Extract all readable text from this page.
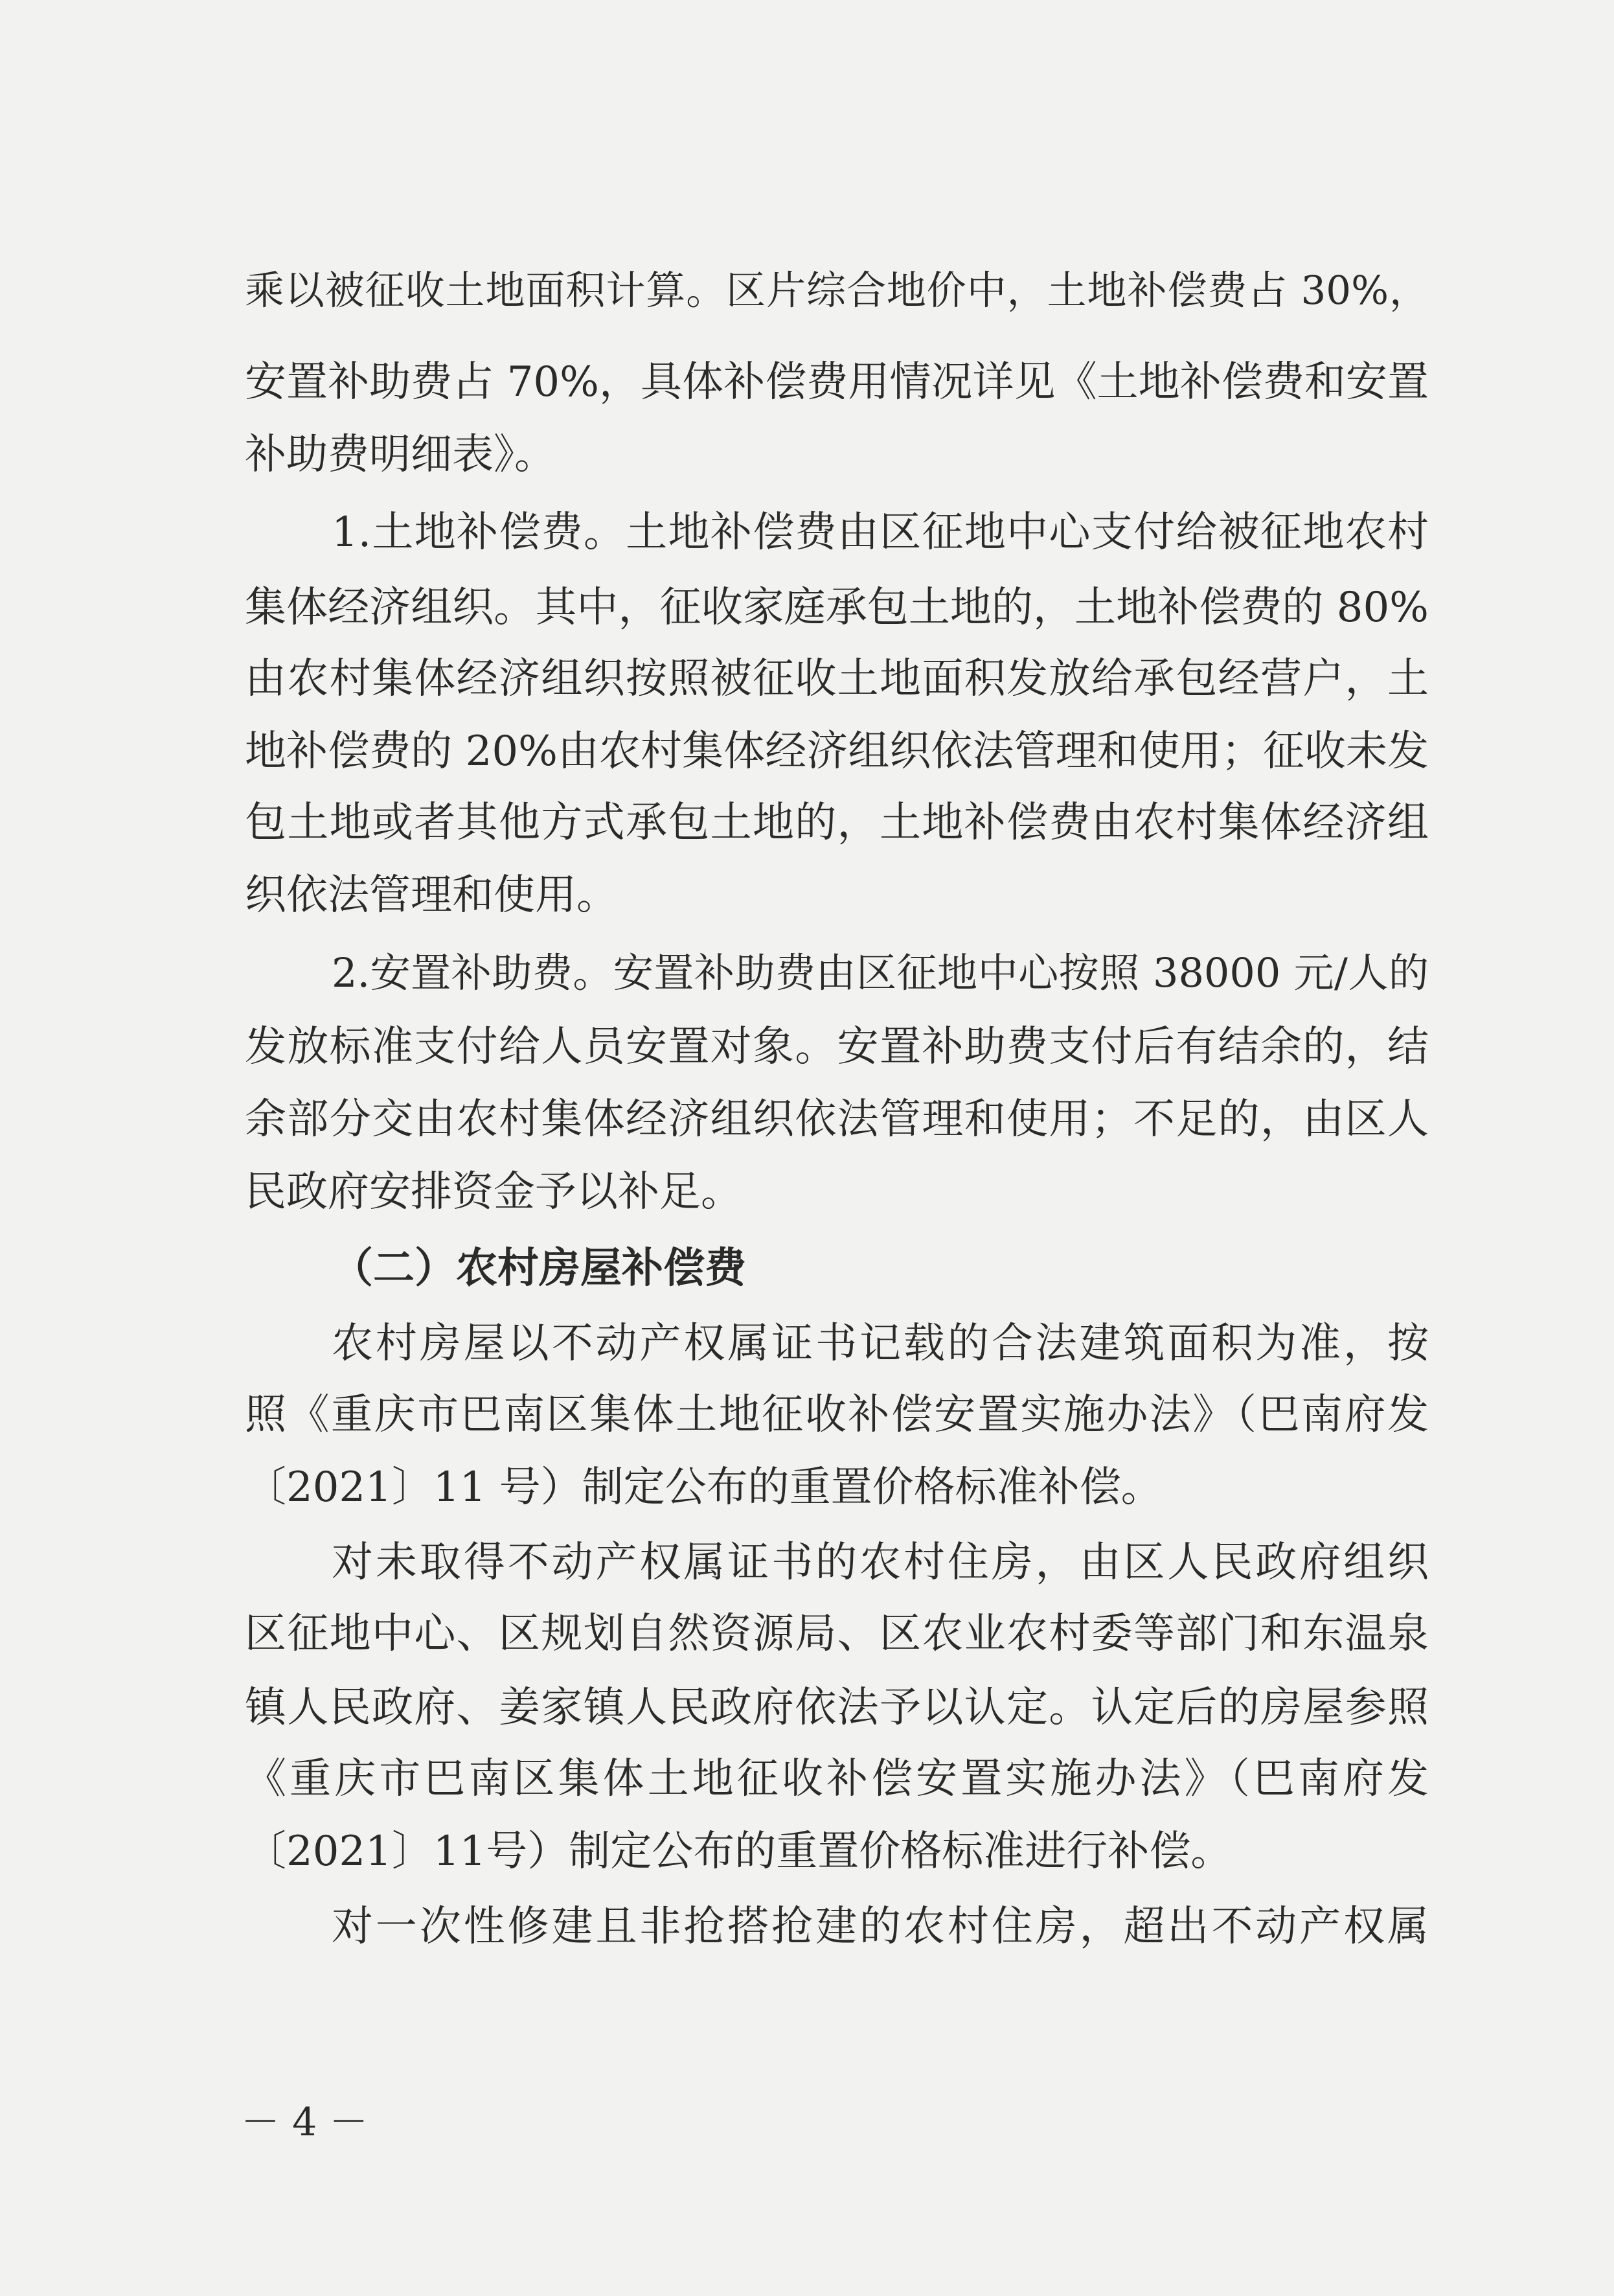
乘以被征收土地面积计算。区片综合地价中，土地补偿费占 30%，
安置补助费占 70%，具体补偿费用情况详见《土地补偿费和安置
补助费明细表》。
1.土地补偿费。土地补偿费由区征地中心支付给被征地农村
集体经济组织。其中，征收家庭承包土地的，土地补偿费的 80%
由农村集体经济组织按照被征收土地面积发放给承包经营户，土
地补偿费的 20%由农村集体经济组织依法管理和使用；征收未发
包土地或者其他方式承包土地的，土地补偿费由农村集体经济组
织依法管理和使用。
2.安置补助费。安置补助费由区征地中心按照 38000 元/人的
发放标准支付给人员安置对象。安置补助费支付后有结余的，结
余部分交由农村集体经济组织依法管理和使用；不足的，由区人
民政府安排资金予以补足。
（二）农村房屋补偿费
农村房屋以不动产权属证书记载的合法建筑面积为准，按
照《重庆市巴南区集体土地征收补偿安置实施办法》（巴南府发
〔2021〕11 号）制定公布的重置价格标准补偿。
对未取得不动产权属证书的农村住房，由区人民政府组织
区征地中心、区规划自然资源局、区农业农村委等部门和东温泉
镇人民政府、姜家镇人民政府依法予以认定。认定后的房屋参照
《重庆市巴南区集体土地征收补偿安置实施办法》（巴南府发
〔2021〕11号）制定公布的重置价格标准进行补偿。
对一次性修建且非抢搭抢建的农村住房，超出不动产权属
－ 4 －
